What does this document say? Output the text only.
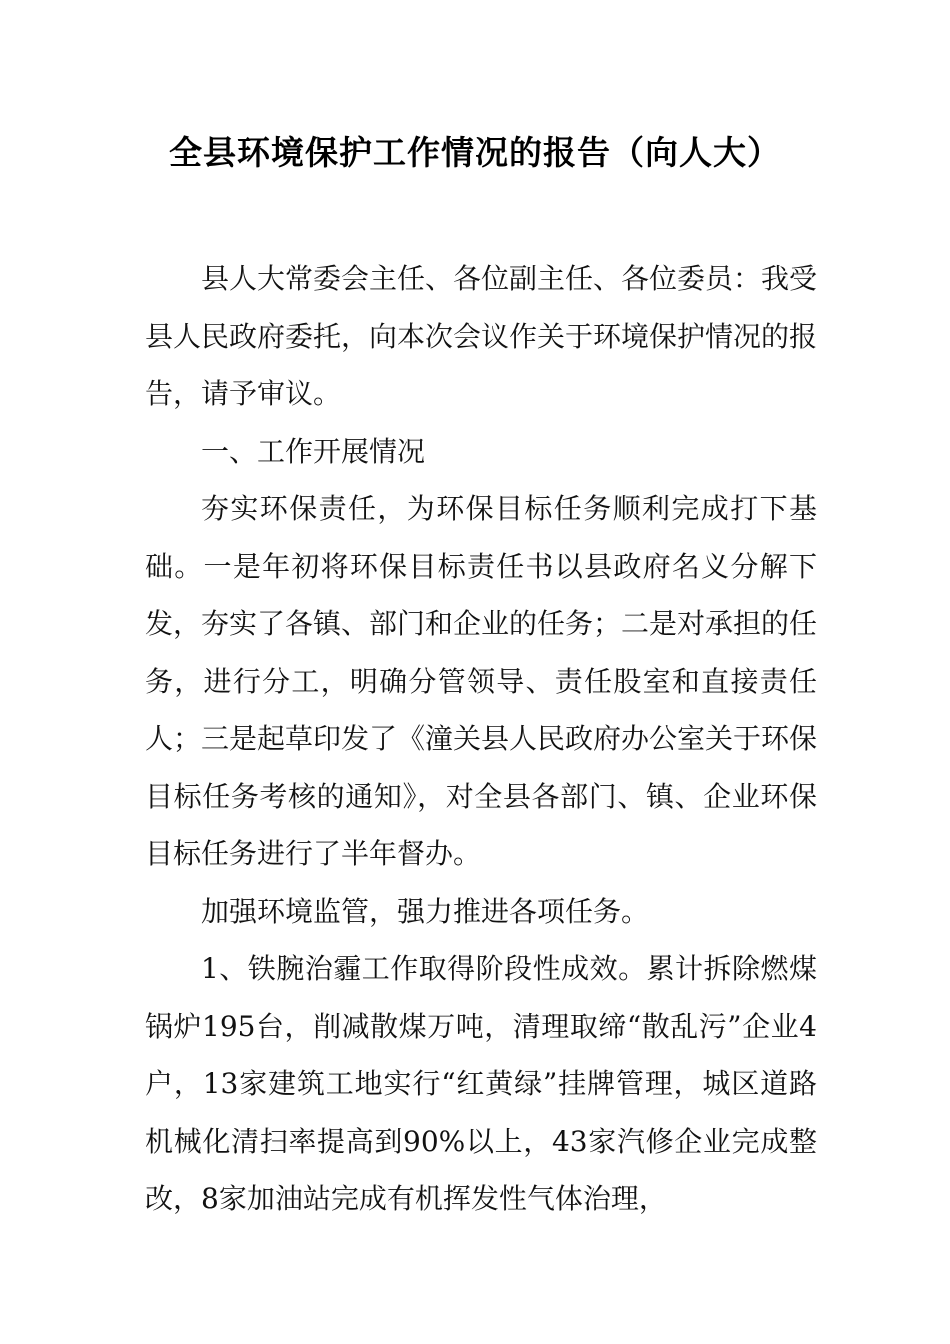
全县环境保护工作情况的报告（向人大）

县人大常委会主任、各位副主任、各位委员：我受县人民政府委托，向本次会议作关于环境保护情况的报告，请予审议。

一、工作开展情况

夯实环保责任，为环保目标任务顺利完成打下基础。一是年初将环保目标责任书以县政府名义分解下发，夯实了各镇、部门和企业的任务；二是对承担的任务，进行分工，明确分管领导、责任股室和直接责任人；三是起草印发了《潼关县人民政府办公室关于环保目标任务考核的通知》，对全县各部门、镇、企业环保目标任务进行了半年督办。

加强环境监管，强力推进各项任务。

1、铁腕治霾工作取得阶段性成效。累计拆除燃煤锅炉195台，削减散煤万吨，清理取缔“散乱污”企业4户，13家建筑工地实行“红黄绿”挂牌管理，城区道路机械化清扫率提高到90%以上，43家汽修企业完成整改，8家加油站完成有机挥发性气体治理，
